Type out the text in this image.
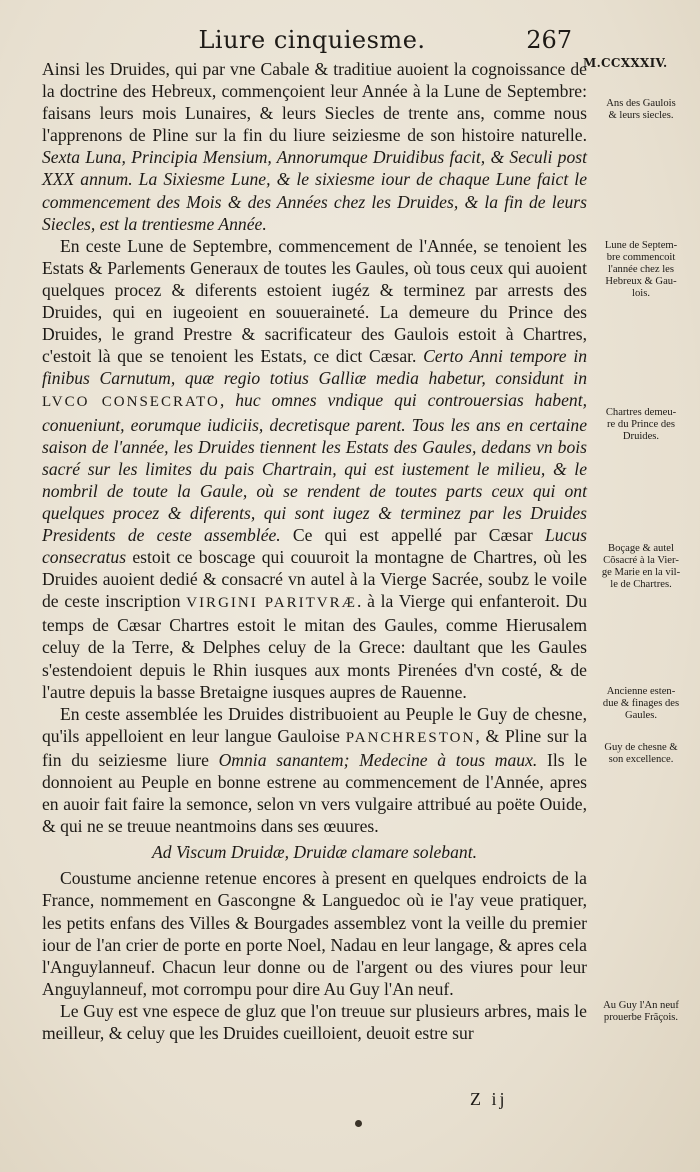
Liure cinquiesme.	267
M.CCXXXIV.

Ainsi les Druides, qui par vne Cabale & traditiue auoient la cognoissance de la doctrine des Hebreux, commençoient leur Année à la Lune de Septembre: faisans leurs mois Lunaires, & leurs Siecles de trente ans, comme nous l'apprenons de Pline sur la fin du liure seiziesme de son histoire naturelle. Sexta Luna, Principia Mensium, Annorumque Druidibus facit, & Seculi post XXX annum. La Sixiesme Lune, & le sixiesme iour de chaque Lune faict le commencement des Mois & des Années chez les Druides, & la fin de leurs Siecles, est la trentiesme Année.

En ceste Lune de Septembre, commencement de l'Année, se tenoient les Estats & Parlements Generaux de toutes les Gaules, où tous ceux qui auoient quelques procez & diferents estoient iugéz & terminez par arrests des Druides, qui en iugeoient en souueraineté. La demeure du Prince des Druides, le grand Prestre & sacrificateur des Gaulois estoit à Chartres, c'estoit là que se tenoient les Estats, ce dict Cæsar. Certo Anni tempore in finibus Carnutum, quæ regio totius Galliæ media habetur, considunt in LVCO CONSECRATO, huc omnes vndique qui controuersias habent, conueniunt, eorumque iudiciis, decretisque parent. Tous les ans en certaine saison de l'année, les Druides tiennent les Estats des Gaules, dedans vn bois sacré sur les limites du pais Chartrain, qui est iustement le milieu, & le nombril de toute la Gaule, où se rendent de toutes parts ceux qui ont quelques procez & diferents, qui sont iugez & terminez par les Druides Presidents de ceste assemblée. Ce qui est appellé par Cæsar Lucus consecratus estoit ce boscage qui couuroit la montagne de Chartres, où les Druides auoient dedié & consacré vn autel à la Vierge Sacrée, soubz le voile de ceste inscription VIRGINI PARITVRÆ. à la Vierge qui enfanteroit. Du temps de Cæsar Chartres estoit le mitan des Gaules, comme Hierusalem celuy de la Terre, & Delphes celuy de la Grece: daultant que les Gaules s'estendoient depuis le Rhin iusques aux monts Pirenées d'vn costé, & de l'autre depuis la basse Bretaigne iusques aupres de Rauenne.

En ceste assemblée les Druides distribuoient au Peuple le Guy de chesne, qu'ils appelloient en leur langue Gauloise PANCHRESTON, & Pline sur la fin du seiziesme liure Omnia sanantem; Medecine à tous maux. Ils le donnoient au Peuple en bonne estrene au commencement de l'Année, apres en auoir fait faire la semonce, selon vn vers vulgaire attribué au poëte Ouide, & qui ne se treuue neantmoins dans ses œuures.

Ad Viscum Druidæ, Druidæ clamare solebant.

Coustume ancienne retenue encores à present en quelques endroicts de la France, nommement en Gascongne & Languedoc où ie l'ay veue pratiquer, les petits enfans des Villes & Bourgades assemblez vont la veille du premier iour de l'an crier de porte en porte Noel, Nadau en leur langage, & apres cela l'Anguylanneuf. Chacun leur donne ou de l'argent ou des viures pour leur Anguylanneuf, mot corrompu pour dire Au Guy l'An neuf.

Le Guy est vne espece de gluz que l'on treuue sur plusieurs arbres, mais le meilleur, & celuy que les Druides cueilloient, deuoit estre sur

Ans des Gaulois
& leurs siecles.
Lune de Septem-
bre commencoit
l'année chez les
Hebreux & Gau-
lois.
Chartres demeu-
re du Prince des
Druides.
Boçage & autel
Cõsacré à la Vier-
ge Marie en la vil-
le de Chartres.
Ancienne esten-
due & finages des
Gaules.
Guy de chesne &
son excellence.
Au Guy l'An neuf
prouerbe Frãçois.
Z ij
